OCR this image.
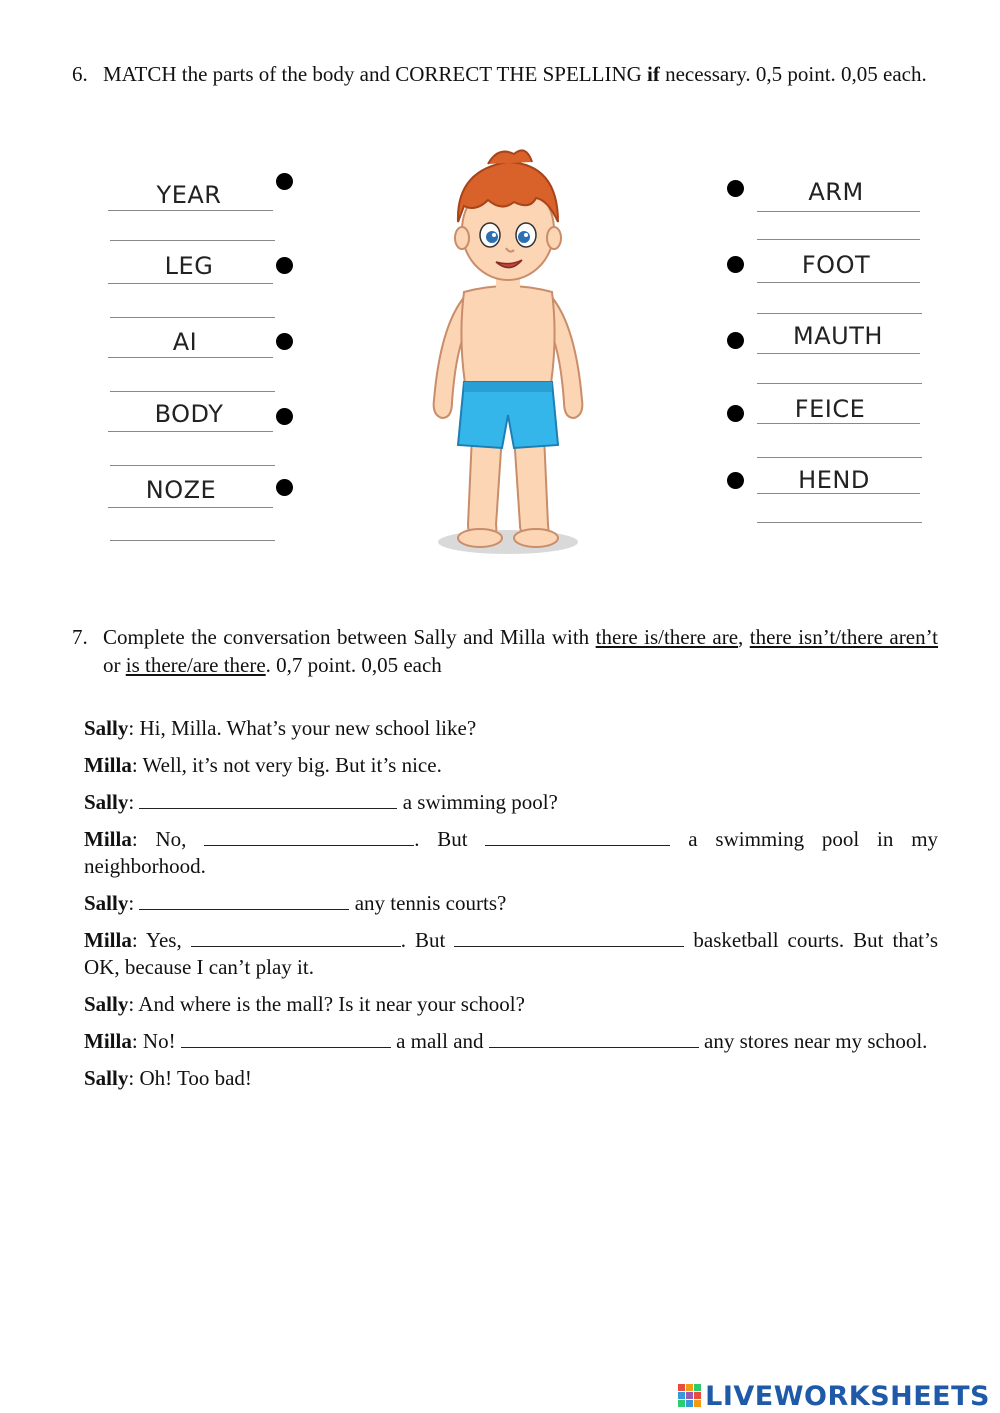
6. MATCH the parts of the body and CORRECT THE SPELLING if necessary. 0,5 point. 0,05 each.
YEAR
LEG
AI
BODY
NOZE
ARM
FOOT
MAUTH
FEICE
HEND
7. Complete the conversation between Sally and Milla with there is/there are, there isn’t/there aren’t or is there/are there. 0,7 point. 0,05 each

Sally: Hi, Milla. What’s your new school like?

Milla: Well, it’s not very big. But it’s nice.

Sally:	a swimming pool?

Milla: No,	. But	a swimming pool in my neighborhood.

Sally:	any tennis courts?

Milla: Yes,	. But	basketball courts. But that’s OK, because I can’t play it.

Sally: And where is the mall? Is it near your school?

Milla: No!	a mall and	any stores near my school.

Sally: Oh! Too bad!

LIVEWORKSHEETS
